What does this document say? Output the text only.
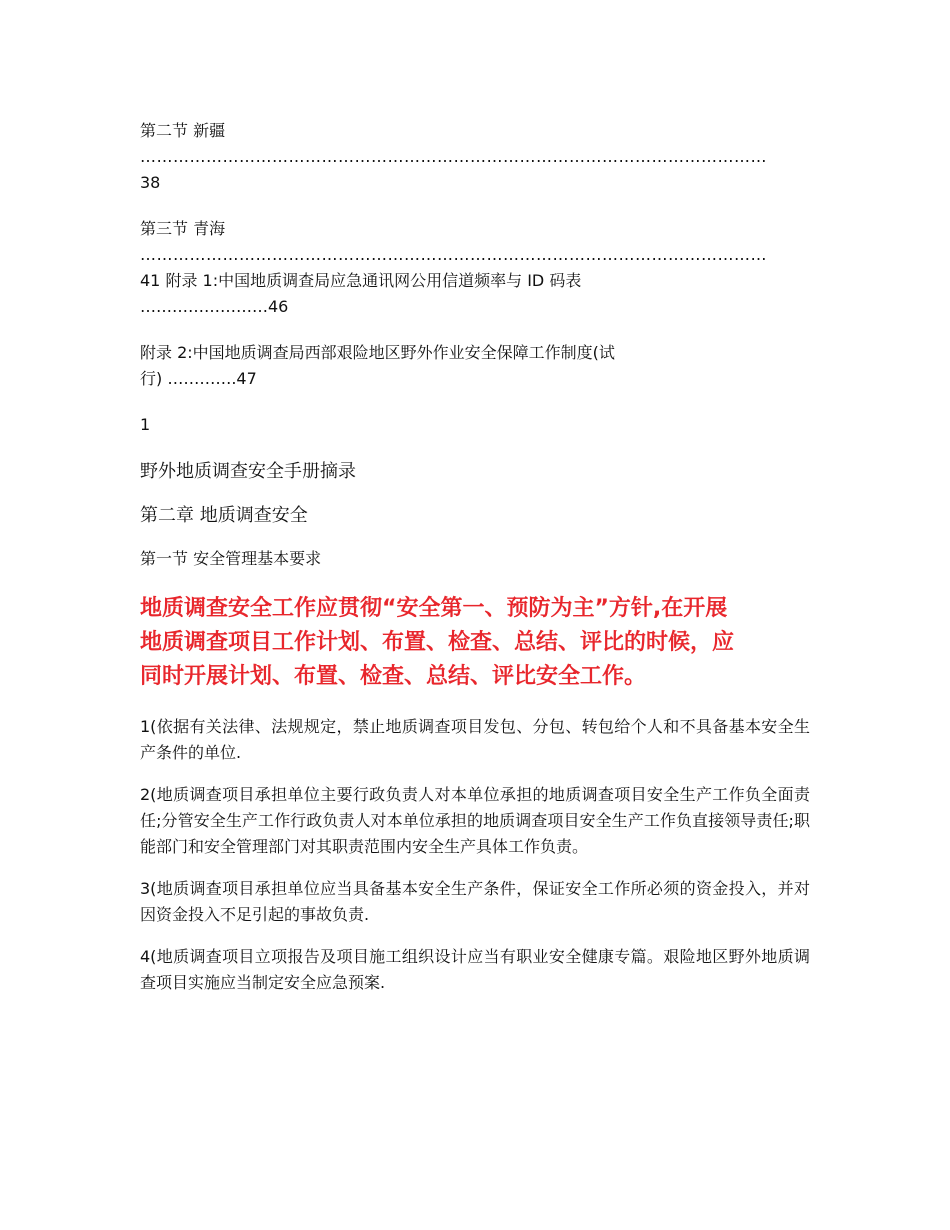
第二节 新疆
……………………………………………………………………………………………………
38
第三节 青海
……………………………………………………………………………………………………
41 附录 1:中国地质调查局应急通讯网公用信道频率与 ID 码表
……………………46
附录 2:中国地质调查局西部艰险地区野外作业安全保障工作制度(试
行) ………….47
1
野外地质调查安全手册摘录
第二章 地质调查安全
第一节 安全管理基本要求
地质调查安全工作应贯彻“安全第一、预防为主”方针,在开展
地质调查项目工作计划、布置、检查、总结、评比的时候，应
同时开展计划、布置、检查、总结、评比安全工作。
1(依据有关法律、法规规定，禁止地质调查项目发包、分包、转包给个人和不具备基本安全生产条件的单位.
2(地质调查项目承担单位主要行政负责人对本单位承担的地质调查项目安全生产工作负全面责任;分管安全生产工作行政负责人对本单位承担的地质调查项目安全生产工作负直接领导责任;职能部门和安全管理部门对其职责范围内安全生产具体工作负责。
3(地质调查项目承担单位应当具备基本安全生产条件，保证安全工作所必须的资金投入，并对因资金投入不足引起的事故负责.
4(地质调查项目立项报告及项目施工组织设计应当有职业安全健康专篇。艰险地区野外地质调查项目实施应当制定安全应急预案.
